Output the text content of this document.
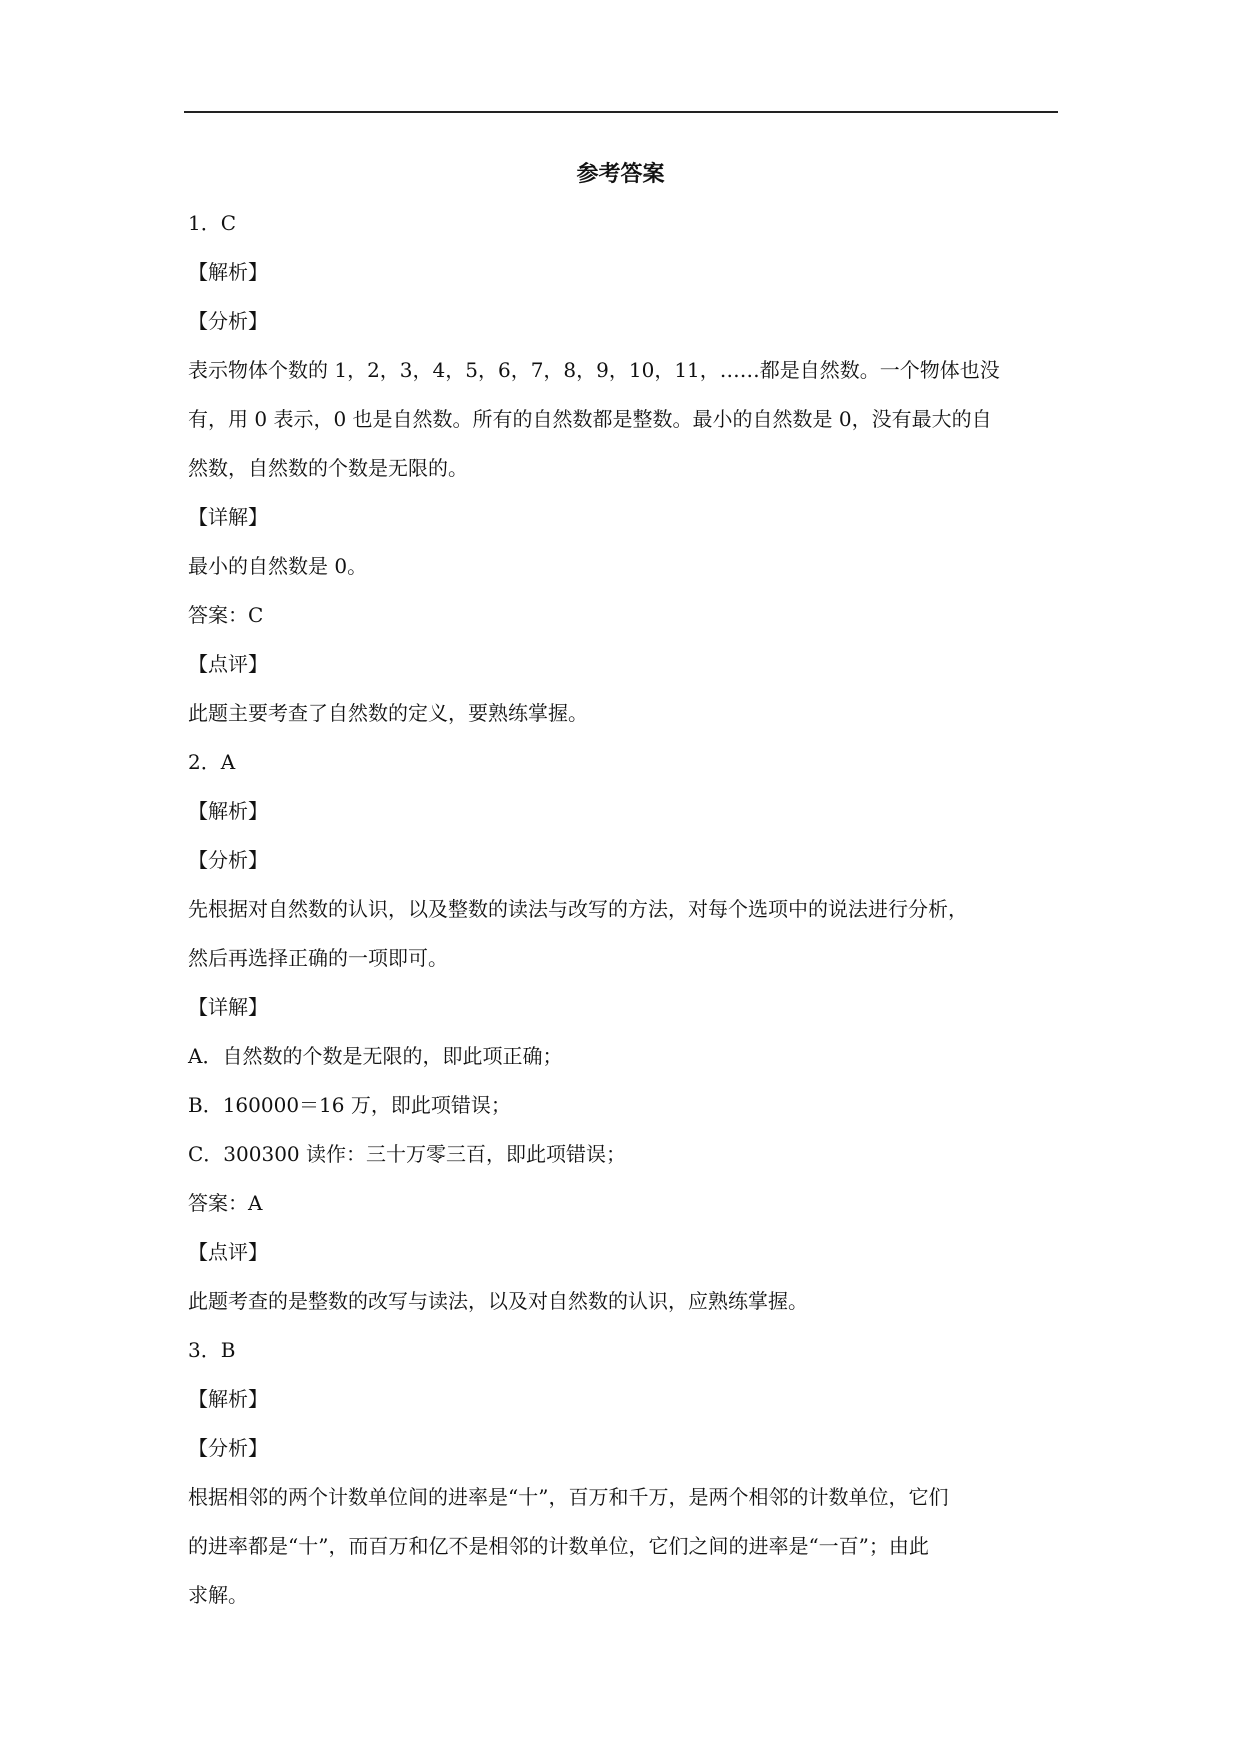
参考答案
1．C
【解析】
【分析】
表示物体个数的 1，2，3，4，5，6，7，8，9，10，11，……都是自然数。一个物体也没
有，用 0 表示，0 也是自然数。所有的自然数都是整数。最小的自然数是 0，没有最大的自
然数，自然数的个数是无限的。
【详解】
最小的自然数是 0。
答案：C
【点评】
此题主要考查了自然数的定义，要熟练掌握。
2．A
【解析】
【分析】
先根据对自然数的认识，以及整数的读法与改写的方法，对每个选项中的说法进行分析，
然后再选择正确的一项即可。
【详解】
A．自然数的个数是无限的，即此项正确；
B．160000＝16 万，即此项错误；
C．300300 读作：三十万零三百，即此项错误；
答案：A
【点评】
此题考查的是整数的改写与读法，以及对自然数的认识，应熟练掌握。
3．B
【解析】
【分析】
根据相邻的两个计数单位间的进率是“十”，百万和千万，是两个相邻的计数单位，它们
的进率都是“十”，而百万和亿不是相邻的计数单位，它们之间的进率是“一百”；由此
求解。
